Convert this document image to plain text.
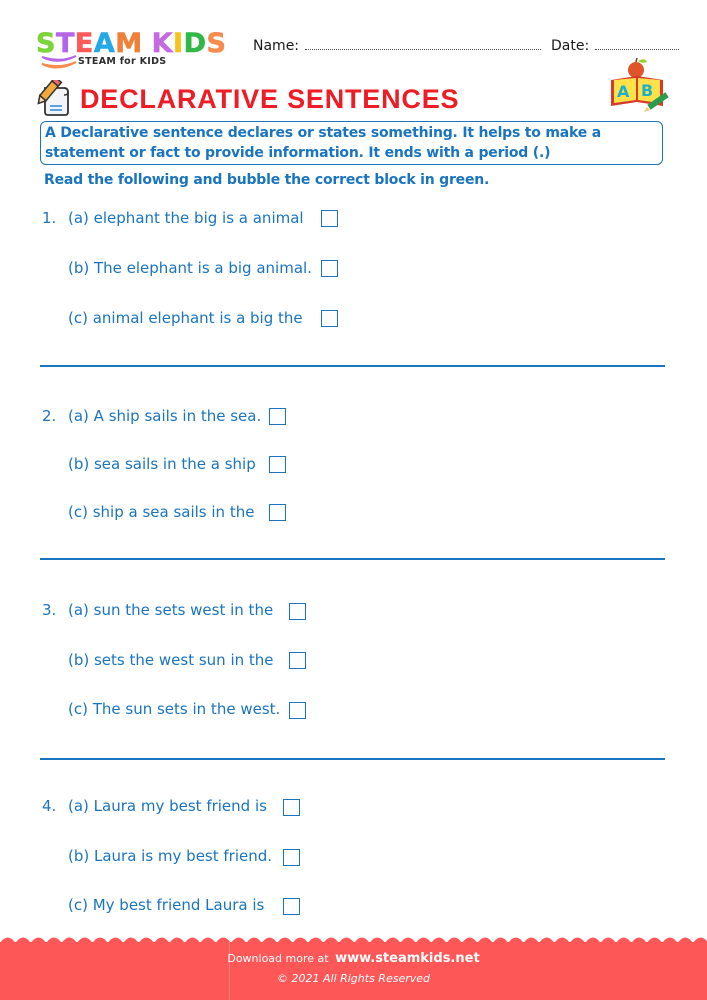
S T E A M K I D S
STEAM for KIDS
Name:	Date:
DECLARATIVE SENTENCES	A B
A Declarative sentence declares or states something. It helps to make a statement or fact to provide information. It ends with a period (.)
Read the following and bubble the correct block in green.
1. (a) elephant the big is a animal
(b) The elephant is a big animal.
(c) animal elephant is a big the
2. (a) A ship sails in the sea.
(b) sea sails in the a ship
(c) ship a sea sails in the
3. (a) sun the sets west in the
(b) sets the west sun in the
(c) The sun sets in the west.
4. (a) Laura my best friend is
(b) Laura is my best friend.
(c) My best friend Laura is
Download more at www.steamkids.net
© 2021 All Rights Reserved
